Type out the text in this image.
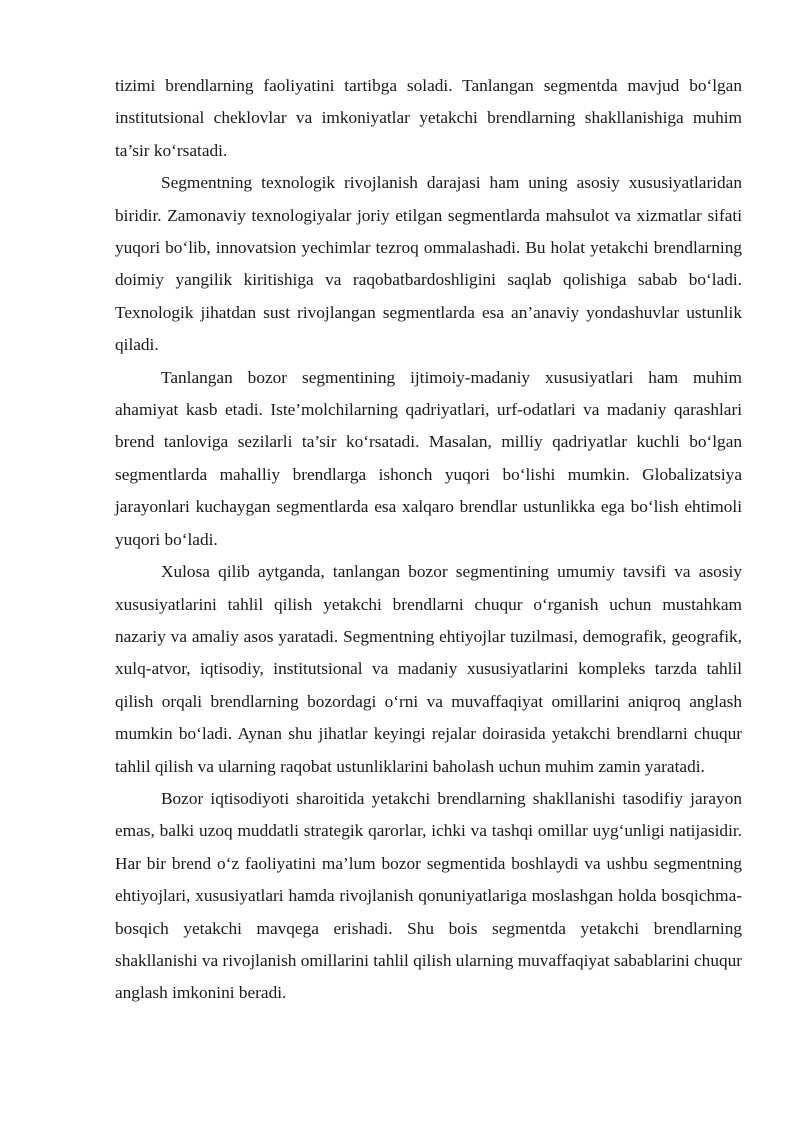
tizimi brendlarning faoliyatini tartibga soladi. Tanlangan segmentda mavjud bo‘lgan institutsional cheklovlar va imkoniyatlar yetakchi brendlarning shakllanishiga muhim ta’sir ko‘rsatadi.

Segmentning texnologik rivojlanish darajasi ham uning asosiy xususiyatlaridan biridir. Zamonaviy texnologiyalar joriy etilgan segmentlarda mahsulot va xizmatlar sifati yuqori bo‘lib, innovatsion yechimlar tezroq ommalashadi. Bu holat yetakchi brendlarning doimiy yangilik kiritishiga va raqobatbardoshligini saqlab qolishiga sabab bo‘ladi. Texnologik jihatdan sust rivojlangan segmentlarda esa an’anaviy yondashuvlar ustunlik qiladi.

Tanlangan bozor segmentining ijtimoiy-madaniy xususiyatlari ham muhim ahamiyat kasb etadi. Iste’molchilarning qadriyatlari, urf-odatlari va madaniy qarashlari brend tanloviga sezilarli ta’sir ko‘rsatadi. Masalan, milliy qadriyatlar kuchli bo‘lgan segmentlarda mahalliy brendlarga ishonch yuqori bo‘lishi mumkin. Globalizatsiya jarayonlari kuchaygan segmentlarda esa xalqaro brendlar ustunlikka ega bo‘lish ehtimoli yuqori bo‘ladi.

Xulosa qilib aytganda, tanlangan bozor segmentining umumiy tavsifi va asosiy xususiyatlarini tahlil qilish yetakchi brendlarni chuqur o‘rganish uchun mustahkam nazariy va amaliy asos yaratadi. Segmentning ehtiyojlar tuzilmasi, demografik, geografik, xulq-atvor, iqtisodiy, institutsional va madaniy xususiyatlarini kompleks tarzda tahlil qilish orqali brendlarning bozordagi o‘rni va muvaffaqiyat omillarini aniqroq anglash mumkin bo‘ladi. Aynan shu jihatlar keyingi rejalar doirasida yetakchi brendlarni chuqur tahlil qilish va ularning raqobat ustunliklarini baholash uchun muhim zamin yaratadi.

Bozor iqtisodiyoti sharoitida yetakchi brendlarning shakllanishi tasodifiy jarayon emas, balki uzoq muddatli strategik qarorlar, ichki va tashqi omillar uyg‘unligi natijasidir. Har bir brend o‘z faoliyatini ma’lum bozor segmentida boshlaydi va ushbu segmentning ehtiyojlari, xususiyatlari hamda rivojlanish qonuniyatlariga moslashgan holda bosqichma-bosqich yetakchi mavqega erishadi. Shu bois segmentda yetakchi brendlarning shakllanishi va rivojlanish omillarini tahlil qilish ularning muvaffaqiyat sabablarini chuqur anglash imkonini beradi.
